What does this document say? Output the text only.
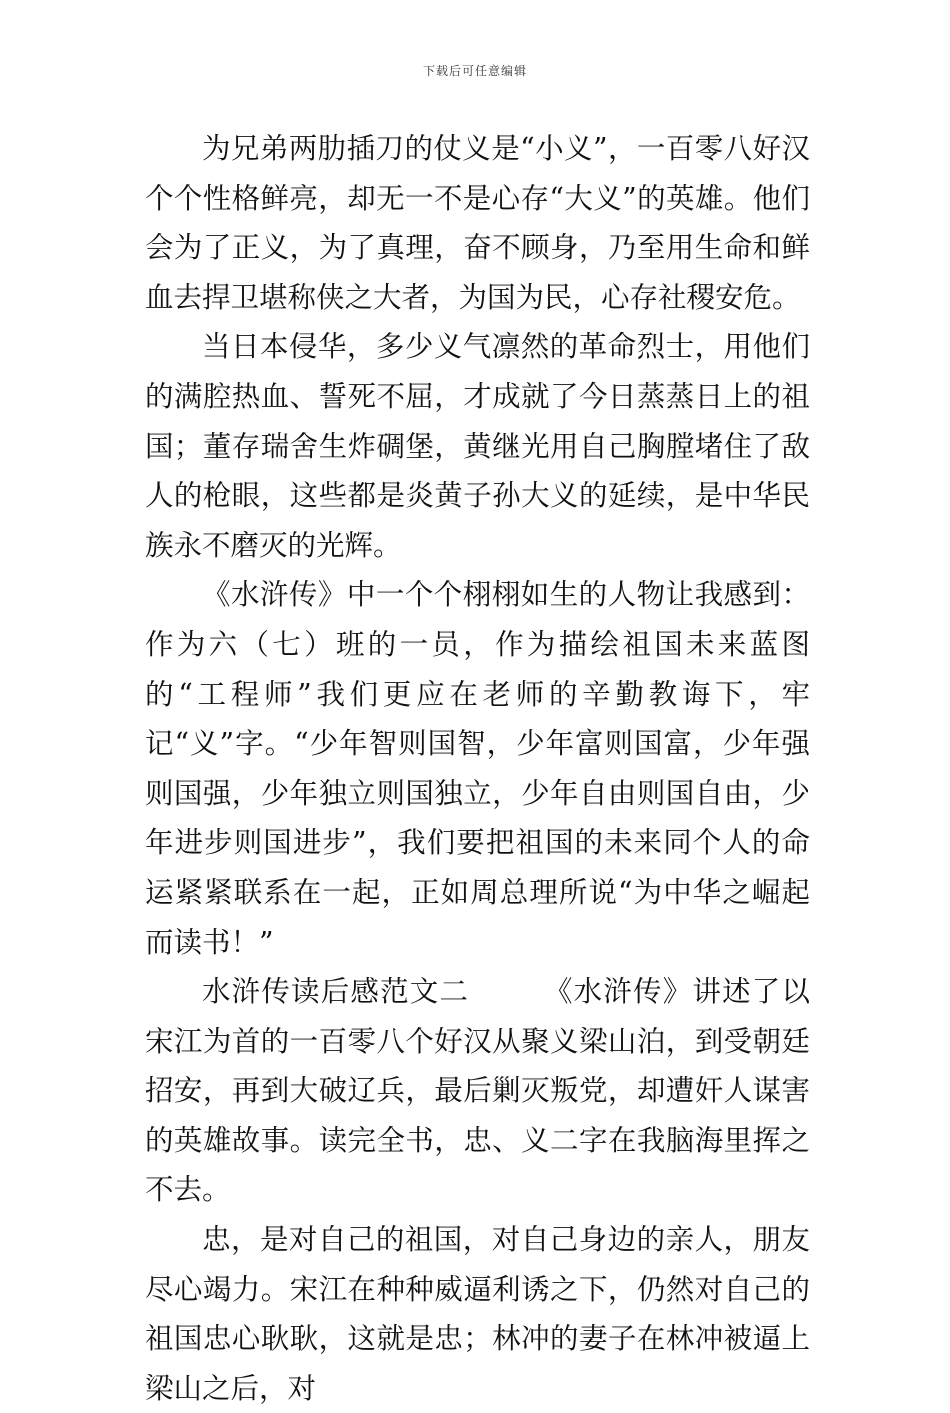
下载后可任意编辑

为兄弟两肋插刀的仗义是“小义”，一百零八好汉个个性格鲜亮，却无一不是心存“大义”的英雄。他们会为了正义，为了真理，奋不顾身，乃至用生命和鲜血去捍卫堪称侠之大者，为国为民，心存社稷安危。

当日本侵华，多少义气凛然的革命烈士，用他们的满腔热血、誓死不屈，才成就了今日蒸蒸日上的祖国；董存瑞舍生炸碉堡，黄继光用自己胸膛堵住了敌人的枪眼，这些都是炎黄子孙大义的延续，是中华民族永不磨灭的光辉。

《水浒传》中一个个栩栩如生的人物让我感到：作为六（七）班的一员，作为描绘祖国未来蓝图的“工程师”我们更应在老师的辛勤教诲下，牢记“义”字。“少年智则国智，少年富则国富，少年强则国强，少年独立则国独立，少年自由则国自由，少年进步则国进步”，我们要把祖国的未来同个人的命运紧紧联系在一起，正如周总理所说“为中华之崛起而读书！”

水浒传读后感范文二　　　《水浒传》讲述了以宋江为首的一百零八个好汉从聚义梁山泊，到受朝廷招安，再到大破辽兵，最后剿灭叛党，却遭奸人谋害的英雄故事。读完全书，忠、义二字在我脑海里挥之不去。

忠，是对自己的祖国，对自己身边的亲人，朋友尽心竭力。宋江在种种威逼利诱之下，仍然对自己的祖国忠心耿耿，这就是忠；林冲的妻子在林冲被逼上梁山之后，对
